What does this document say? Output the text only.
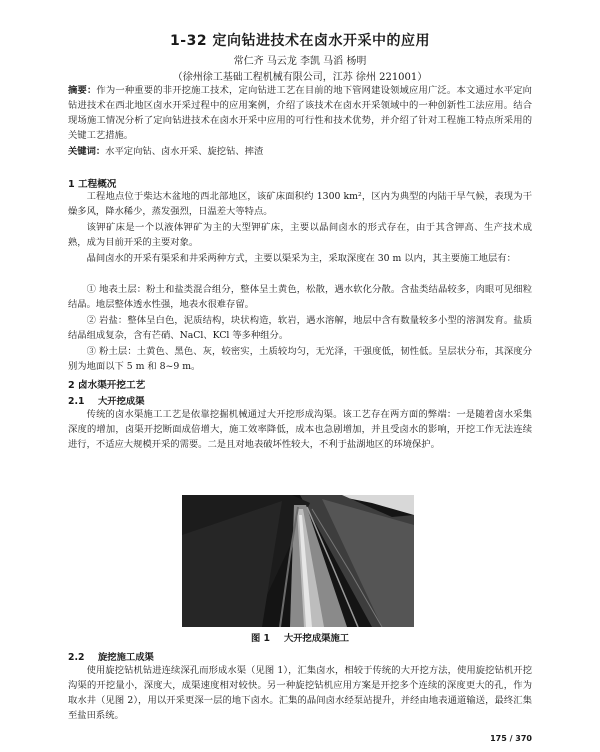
1-32 定向钻进技术在卤水开采中的应用
常仁齐 马云龙 李凯 马滔 杨明
（徐州徐工基础工程机械有限公司，江苏 徐州 221001）
摘要：作为一种重要的非开挖施工技术，定向钻进工艺在目前的地下管网建设领域应用广泛。本文通过水平定向钻进技术在西北地区卤水开采过程中的应用案例，介绍了该技术在卤水开采领域中的一种创新性工法应用。结合现场施工情况分析了定向钻进技术在卤水开采中应用的可行性和技术优势，并介绍了针对工程施工特点所采用的关键工艺措施。
关键词：水平定向钻、卤水开采、旋挖钻、摔渣
1 工程概况
工程地点位于柴达木盆地的西北部地区，该矿床面积约 1300 km²，区内为典型的内陆干旱气候，表现为干燥多风，降水稀少，蒸发强烈，日温差大等特点。
该钾矿床是一个以液体钾矿为主的大型钾矿床，主要以晶间卤水的形式存在，由于其含钾高、生产技术成熟，成为目前开采的主要对象。
晶间卤水的开采有渠采和井采两种方式，主要以渠采为主，采取深度在 30 m 以内，其主要施工地层有：
① 地表土层：粉土和盐类混合组分，整体呈土黄色，松散，遇水软化分散。含盐类结晶较多，肉眼可见细粒结晶。地层整体透水性强，地表水很难存留。
② 岩盐：整体呈白色，泥质结构，块状构造，软岩，遇水溶解，地层中含有数量较多小型的溶洞发育。盐质结晶组成复杂，含有芒硝、NaCl、KCl 等多种组分。
③ 粉土层：土黄色、黑色、灰，较密实，土质较均匀，无光泽，干强度低，韧性低。呈层状分布，其深度分别为地面以下 5 m 和 8~9 m。
2 卤水渠开挖工艺
2.1 大开挖成渠
传统的卤水渠施工工艺是依靠挖掘机械通过大开挖形成沟渠。该工艺存在两方面的弊端：一是随着卤水采集深度的增加，卤渠开挖断面成倍增大，施工效率降低，成本也急剧增加，并且受卤水的影响，开挖工作无法连续进行，不适应大规模开采的需要。二是且对地表破坏性较大，不利于盐湖地区的环境保护。
图 1 大开挖成渠施工
2.2 旋挖施工成渠
使用旋挖钻机钻进连续深孔而形成水渠（见图 1），汇集卤水，相较于传统的大开挖方法，使用旋挖钻机开挖沟渠的开挖量小，深度大，成渠速度相对较快。另一种旋挖钻机应用方案是开挖多个连续的深度更大的孔，作为取水井（见图 2），用以开采更深一层的地下卤水。汇集的晶间卤水经泵站提升，并经由地表通道输送，最终汇集至盐田系统。
175 / 370
